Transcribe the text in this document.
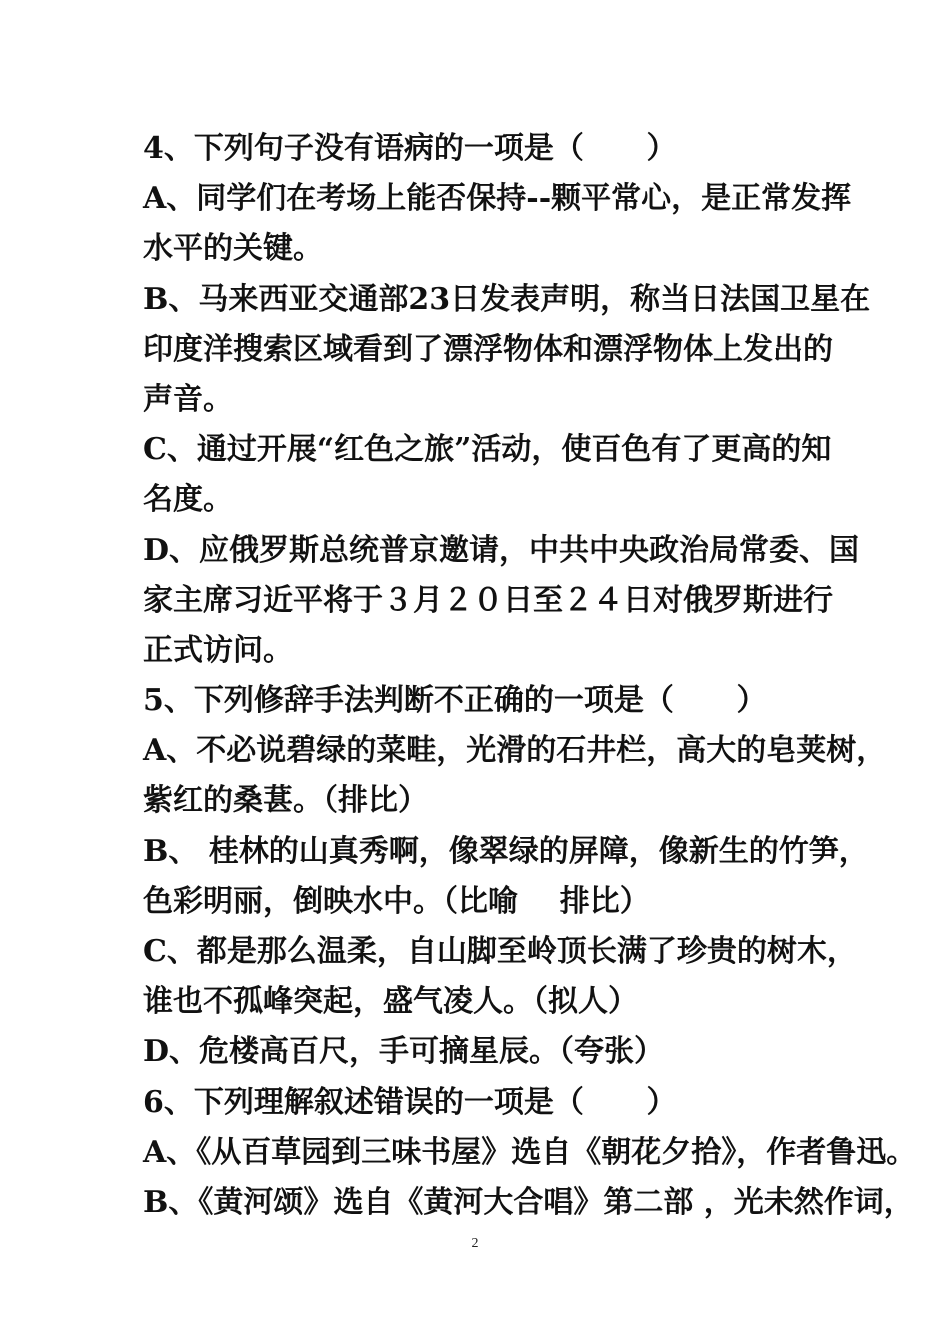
4、下列句子没有语病的一项是（      ）
A、同学们在考场上能否保持--颗平常心，是正常发挥
水平的关键。
B、马来西亚交通部23日发表声明，称当日法国卫星在
印度洋搜索区域看到了漂浮物体和漂浮物体上发出的
声音。
C、通过开展“红色之旅”活动，使百色有了更高的知
名度。
D、应俄罗斯总统普京邀请，中共中央政治局常委、国
家主席习近平将于３月２０日至２４日对俄罗斯进行
正式访问。
5、下列修辞手法判断不正确的一项是（      ）
A、不必说碧绿的菜畦，光滑的石井栏，高大的皂荚树，
紫红的桑葚。（排比）
B、 桂林的山真秀啊，像翠绿的屏障，像新生的竹笋，
色彩明丽，倒映水中。（比喻    排比）
C、都是那么温柔，自山脚至岭顶长满了珍贵的树木，
谁也不孤峰突起，盛气凌人。（拟人）
D、危楼高百尺，手可摘星辰。（夸张）
6、下列理解叙述错误的一项是（      ）
A、《从百草园到三味书屋》选自《朝花夕拾》，作者鲁迅。
B、《黄河颂》选自《黄河大合唱》第二部 ，光未然作词，
2
